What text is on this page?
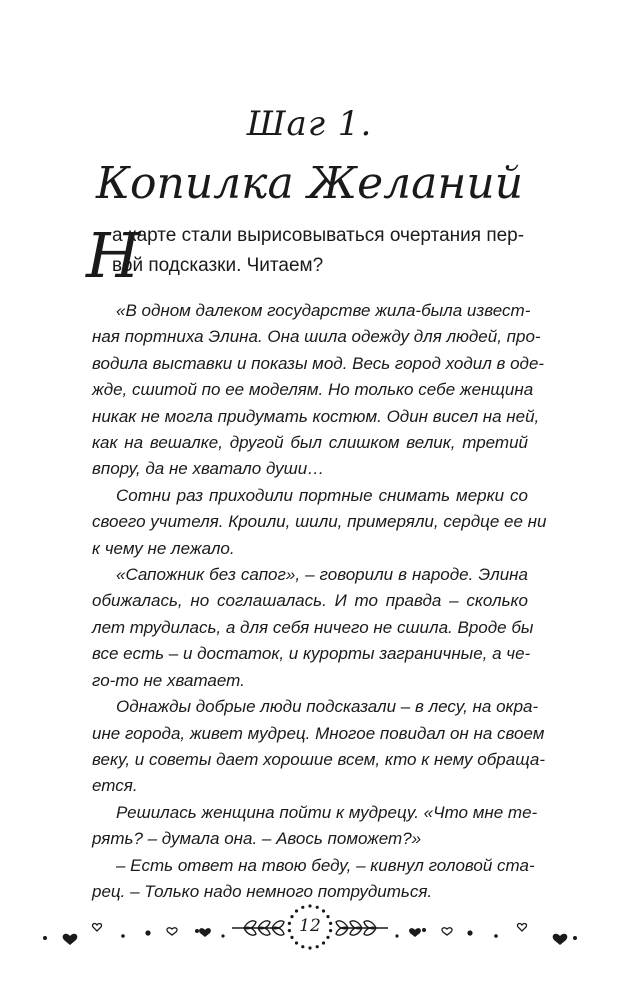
Шаг 1.
Копилка Желаний
Н
а карте стали вырисовываться очертания пер-
вой подсказки. Читаем?

«В одном далеком государстве жила-была извест-
ная портниха Элина. Она шила одежду для людей, про-
водила выставки и показы мод. Весь город ходил в оде-
жде, сшитой по ее моделям. Но только себе женщина
никак не могла придумать костюм. Один висел на ней,
как на вешалке, другой был слишком велик, третий
впору, да не хватало души…

Сотни раз приходили портные снимать мерки со
своего учителя. Кроили, шили, примеряли, сердце ее ни
к чему не лежало.

«Сапожник без сапог», – говорили в народе. Элина
обижалась, но соглашалась. И то правда – сколько
лет трудилась, а для себя ничего не сшила. Вроде бы
все есть – и достаток, и курорты заграничные, а че-
го-то не хватает.

Однажды добрые люди подсказали – в лесу, на окра-
ине города, живет мудрец. Многое повидал он на своем
веку, и советы дает хорошие всем, кто к нему обраща-
ется.

Решилась женщина пойти к мудрецу. «Что мне те-
рять? – думала она. – Авось поможет?»

– Есть ответ на твою беду, – кивнул головой ста-
рец. – Только надо немного потрудиться.

12
